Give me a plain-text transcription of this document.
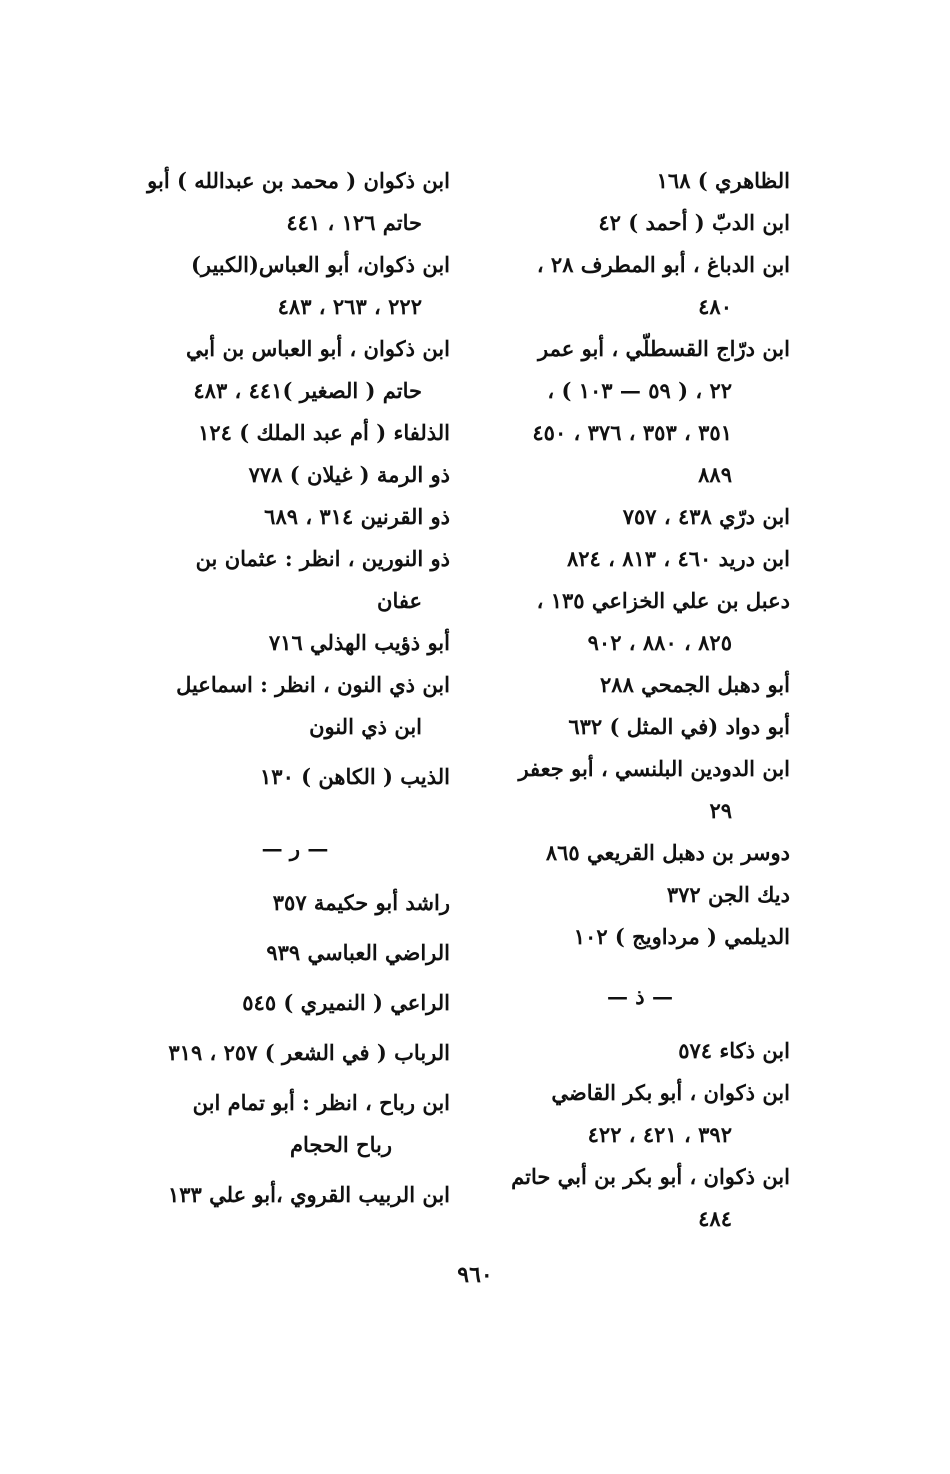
الظاهري ) ١٦٨
ابن الدبّ ( أحمد ) ٤٢
ابن الدباغ ، أبو المطرف ٢٨ ،
٤٨٠
ابن درّاج القسطلّي ، أبو عمر
٢٢ ، ( ٥٩ — ١٠٣ ) ،
٣٥١ ، ٣٥٣ ، ٣٧٦ ، ٤٥٠
٨٨٩
ابن درّي ٤٣٨ ، ٧٥٧
ابن دريد ٤٦٠ ، ٨١٣ ، ٨٢٤
دعبل بن علي الخزاعي ١٣٥ ،
٨٢٥ ، ٨٨٠ ، ٩٠٢
أبو دهبل الجمحي ٢٨٨
أبو دواد (في المثل ) ٦٣٢
ابن الدودين البلنسي ، أبو جعفر
٢٩
دوسر بن دهبل القريعي ٨٦٥
ديك الجن ٣٧٢
الديلمي ( مرداويج ) ١٠٢
— ذ —
ابن ذكاء ٥٧٤
ابن ذكوان ، أبو بكر القاضي
٣٩٢ ، ٤٢١ ، ٤٢٢
ابن ذكوان ، أبو بكر بن أبي حاتم
٤٨٤
ابن ذكوان ( محمد بن عبدالله ) أبو
حاتم ١٢٦ ، ٤٤١
ابن ذكوان، أبو العباس(الكبير)
٢٢٢ ، ٢٦٣ ، ٤٨٣
ابن ذكوان ، أبو العباس بن أبي
حاتم ( الصغير )٤٤١ ، ٤٨٣
الذلفاء ( أم عبد الملك ) ١٢٤
ذو الرمة ( غيلان ) ٧٧٨
ذو القرنين ٣١٤ ، ٦٨٩
ذو النورين ، انظر : عثمان بن
عفان
أبو ذؤيب الهذلي ٧١٦
ابن ذي النون ، انظر : اسماعيل
ابن ذي النون
الذيب ( الكاهن ) ١٣٠
— ر —
راشد أبو حكيمة ٣٥٧
الراضي العباسي ٩٣٩
الراعي ( النميري ) ٥٤٥
الرباب ( في الشعر ) ٢٥٧ ، ٣١٩
ابن رباح ، انظر : أبو تمام ابن
رباح الحجام
ابن الربيب القروي ،أبو علي ١٣٣
٩٦٠
